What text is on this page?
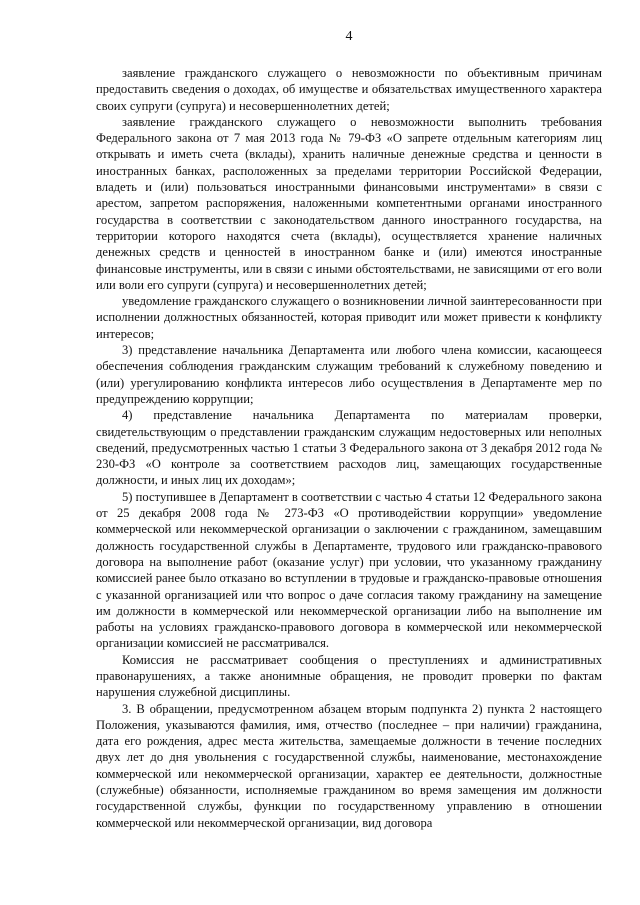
4

заявление гражданского служащего о невозможности по объективным причинам предоставить сведения о доходах, об имуществе и обязательствах имущественного характера своих супруги (супруга) и несовершеннолетних детей;

заявление гражданского служащего о невозможности выполнить требования Федерального закона от 7 мая 2013 года № 79-ФЗ «О запрете отдельным категориям лиц открывать и иметь счета (вклады), хранить наличные денежные средства и ценности в иностранных банках, расположенных за пределами территории Российской Федерации, владеть и (или) пользоваться иностранными финансовыми инструментами» в связи с арестом, запретом распоряжения, наложенными компетентными органами иностранного государства в соответствии с законодательством данного иностранного государства, на территории которого находятся счета (вклады), осуществляется хранение наличных денежных средств и ценностей в иностранном банке и (или) имеются иностранные финансовые инструменты, или в связи с иными обстоятельствами, не зависящими от его воли или воли его супруги (супруга) и несовершеннолетних детей;

уведомление гражданского служащего о возникновении личной заинтересованности при исполнении должностных обязанностей, которая приводит или может привести к конфликту интересов;

3) представление начальника Департамента или любого члена комиссии, касающееся обеспечения соблюдения гражданским служащим требований к служебному поведению и (или) урегулированию конфликта интересов либо осуществления в Департаменте мер по предупреждению коррупции;

4) представление начальника Департамента по материалам проверки, свидетельствующим о представлении гражданским служащим недостоверных или неполных сведений, предусмотренных частью 1 статьи 3 Федерального закона от 3 декабря 2012 года № 230-ФЗ «О контроле за соответствием расходов лиц, замещающих государственные должности, и иных лиц их доходам»;

5) поступившее в Департамент в соответствии с частью 4 статьи 12 Федерального закона от 25 декабря 2008 года № 273-ФЗ «О противодействии коррупции» уведомление коммерческой или некоммерческой организации о заключении с гражданином, замещавшим должность государственной службы в Департаменте, трудового или гражданско-правового договора на выполнение работ (оказание услуг) при условии, что указанному гражданину комиссией ранее было отказано во вступлении в трудовые и гражданско-правовые отношения с указанной организацией или что вопрос о даче согласия такому гражданину на замещение им должности в коммерческой или некоммерческой организации либо на выполнение им работы на условиях гражданско-правового договора в коммерческой или некоммерческой организации комиссией не рассматривался.

Комиссия не рассматривает сообщения о преступлениях и административных правонарушениях, а также анонимные обращения, не проводит проверки по фактам нарушения служебной дисциплины.

3. В обращении, предусмотренном абзацем вторым подпункта 2) пункта 2 настоящего Положения, указываются фамилия, имя, отчество (последнее – при наличии) гражданина, дата его рождения, адрес места жительства, замещаемые должности в течение последних двух лет до дня увольнения с государственной службы, наименование, местонахождение коммерческой или некоммерческой организации, характер ее деятельности, должностные (служебные) обязанности, исполняемые гражданином во время замещения им должности государственной службы, функции по государственному управлению в отношении коммерческой или некоммерческой организации, вид договора
